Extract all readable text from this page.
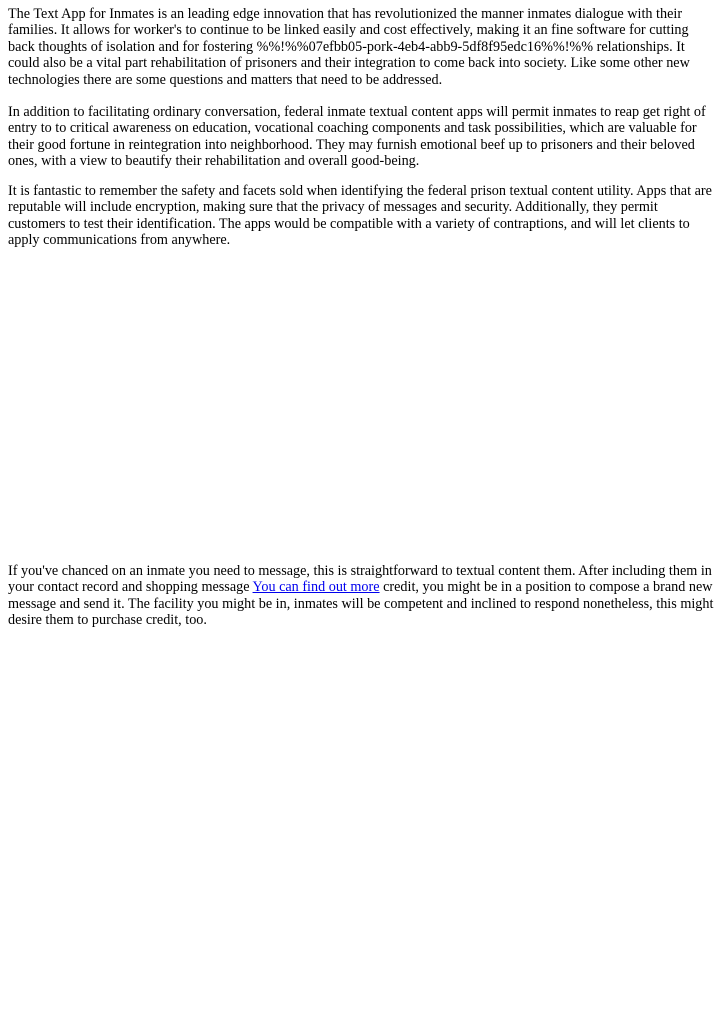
The Text App for Inmates is an leading edge innovation that has revolutionized the manner inmates dialogue with their families. It allows for worker's to continue to be linked easily and cost effectively, making it an fine software for cutting back thoughts of isolation and for fostering %%!%%07efbb05-pork-4eb4-abb9-5df8f95edc16%%!%% relationships. It could also be a vital part rehabilitation of prisoners and their integration to come back into society. Like some other new technologies there are some questions and matters that need to be addressed.

In addition to facilitating ordinary conversation, federal inmate textual content apps will permit inmates to reap get right of entry to to critical awareness on education, vocational coaching components and task possibilities, which are valuable for their good fortune in reintegration into neighborhood. They may furnish emotional beef up to prisoners and their beloved ones, with a view to beautify their rehabilitation and overall good-being.

It is fantastic to remember the safety and facets sold when identifying the federal prison textual content utility. Apps that are reputable will include encryption, making sure that the privacy of messages and security. Additionally, they permit customers to test their identification. The apps would be compatible with a variety of contraptions, and will let clients to apply communications from anywhere.

If you've chanced on an inmate you need to message, this is straightforward to textual content them. After including them in your contact record and shopping message You can find out more credit, you might be in a position to compose a brand new message and send it. The facility you might be in, inmates will be competent and inclined to respond nonetheless, this might desire them to purchase credit, too.
